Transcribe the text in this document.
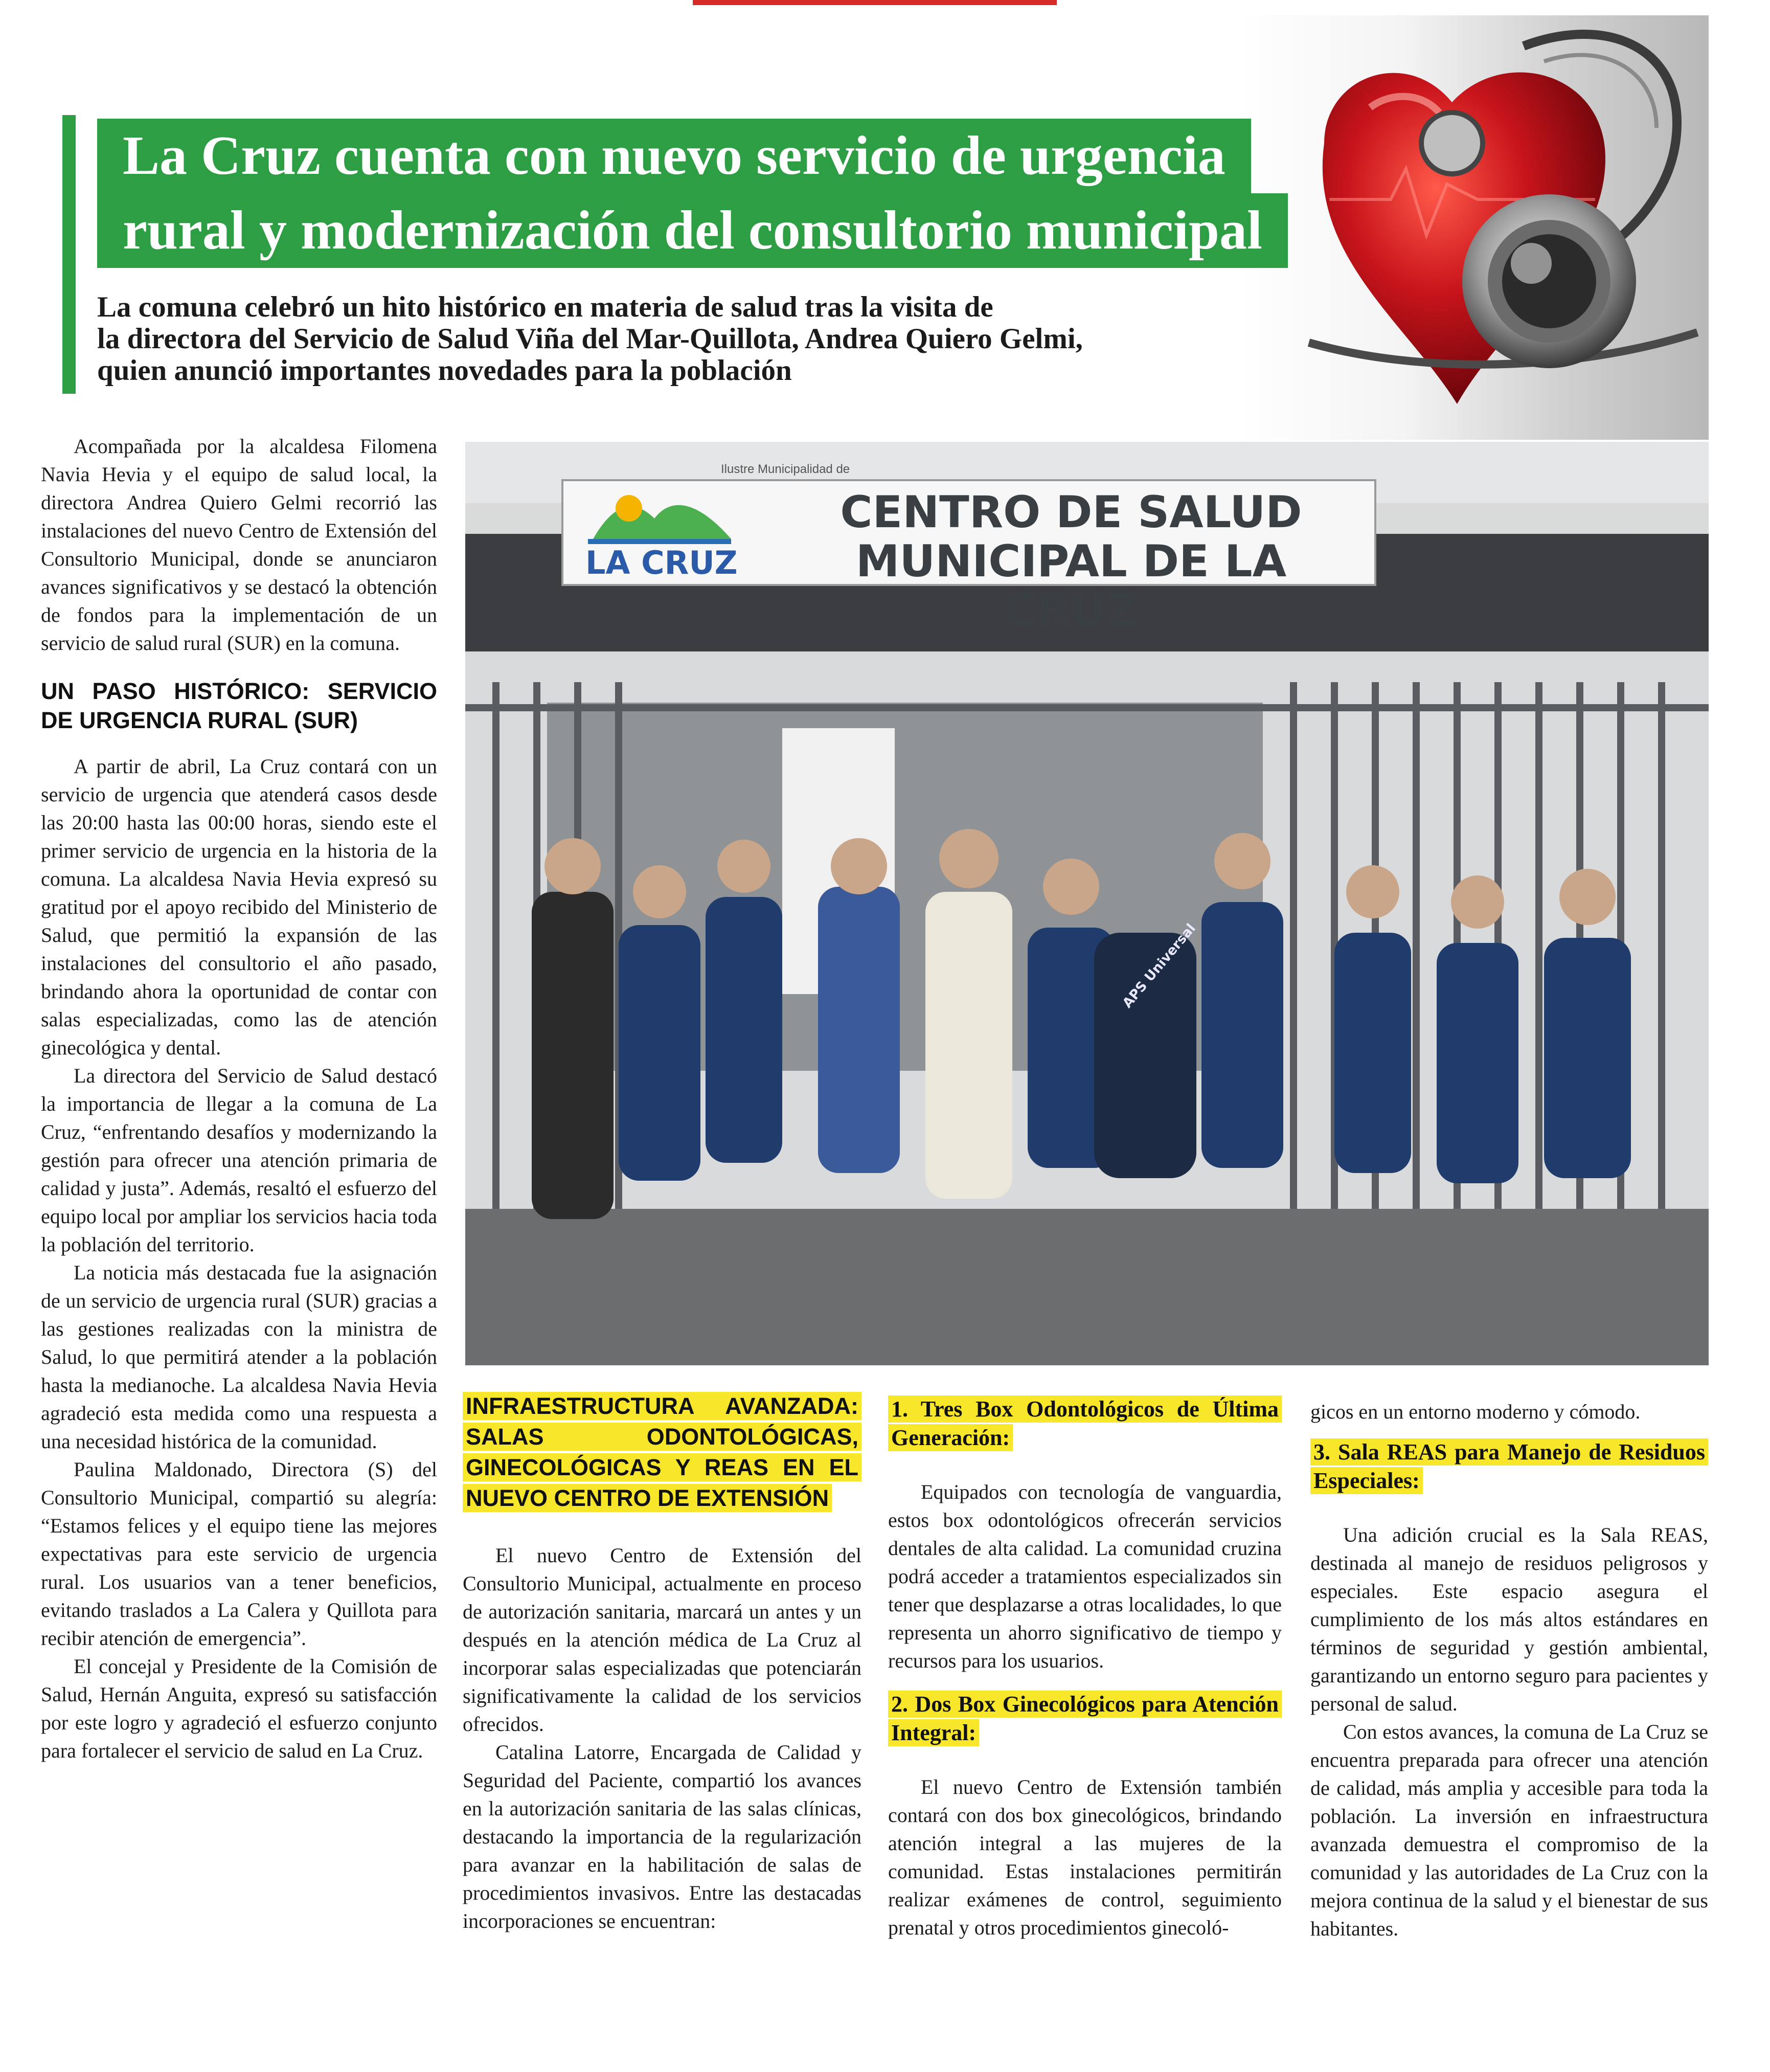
La Cruz cuenta con nuevo servicio de urgencia
rural y modernización del consultorio municipal
La comuna celebró un hito histórico en materia de salud tras la visita de
la directora del Servicio de Salud Viña del Mar-Quillota, Andrea Quiero Gelmi,
quien anunció importantes novedades para la población

Acompañada por la alcaldesa Filomena Navia Hevia y el equipo de salud local, la directora Andrea Quiero Gelmi recorrió las instalaciones del nuevo Centro de Extensión del Consultorio Municipal, donde se anunciaron avances significativos y se destacó la obtención de fondos para la implementación de un servicio de salud rural (SUR) en la comuna.

UN PASO HISTÓRICO: SERVICIO DE URGENCIA RURAL (SUR)

A partir de abril, La Cruz contará con un servicio de urgencia que atenderá casos desde las 20:00 hasta las 00:00 horas, siendo este el primer servicio de urgencia en la historia de la comuna. La alcaldesa Navia Hevia expresó su gratitud por el apoyo recibido del Ministerio de Salud, que permitió la expansión de las instalaciones del consultorio el año pasado, brindando ahora la oportunidad de contar con salas especializadas, como las de atención ginecológica y dental.

La directora del Servicio de Salud destacó la importancia de llegar a la comuna de La Cruz, “enfrentando desafíos y modernizando la gestión para ofrecer una atención primaria de calidad y justa”. Además, resaltó el esfuerzo del equipo local por ampliar los servicios hacia toda la población del territorio.

La noticia más destacada fue la asignación de un servicio de urgencia rural (SUR) gracias a las gestiones realizadas con la ministra de Salud, lo que permitirá atender a la población hasta la medianoche. La alcaldesa Navia Hevia agradeció esta medida como una respuesta a una necesidad histórica de la comunidad.

Paulina Maldonado, Directora (S) del Consultorio Municipal, compartió su alegría: “Estamos felices y el equipo tiene las mejores expectativas para este servicio de urgencia rural. Los usuarios van a tener beneficios, evitando traslados a La Calera y Quillota para recibir atención de emergencia”.

El concejal y Presidente de la Comisión de Salud, Hernán Anguita, expresó su satisfacción por este logro y agradeció el esfuerzo conjunto para fortalecer el servicio de salud en La Cruz.

Ilustre Municipalidad de
LA CRUZ
CENTRO DE SALUD
MUNICIPAL DE LA CRUZ
APS Universal
INFRAESTRUCTURA AVANZADA: SALAS ODONTOLÓGICAS, GINECOLÓGICAS Y REAS EN EL NUEVO CENTRO DE EXTENSIÓN

El nuevo Centro de Extensión del Consultorio Municipal, actualmente en proceso de autorización sanitaria, marcará un antes y un después en la atención médica de La Cruz al incorporar salas especializadas que potenciarán significativamente la calidad de los servicios ofrecidos.

Catalina Latorre, Encargada de Calidad y Seguridad del Paciente, compartió los avances en la autorización sanitaria de las salas clínicas, destacando la importancia de la regularización para avanzar en la habilitación de salas de procedimientos invasivos. Entre las destacadas incorporaciones se encuentran:

1. Tres Box Odontológicos de Última Generación:

Equipados con tecnología de vanguardia, estos box odontológicos ofrecerán servicios dentales de alta calidad. La comunidad cruzina podrá acceder a tratamientos especializados sin tener que desplazarse a otras localidades, lo que representa un ahorro significativo de tiempo y recursos para los usuarios.

2. Dos Box Ginecológicos para Atención Integral:

El nuevo Centro de Extensión también contará con dos box ginecológicos, brindando atención integral a las mujeres de la comunidad. Estas instalaciones permitirán realizar exámenes de control, seguimiento prenatal y otros procedimientos ginecoló-

gicos en un entorno moderno y cómodo.

3. Sala REAS para Manejo de Residuos Especiales:

Una adición crucial es la Sala REAS, destinada al manejo de residuos peligrosos y especiales. Este espacio asegura el cumplimiento de los más altos estándares en términos de seguridad y gestión ambiental, garantizando un entorno seguro para pacientes y personal de salud.

Con estos avances, la comuna de La Cruz se encuentra preparada para ofrecer una atención de calidad, más amplia y accesible para toda la población. La inversión en infraestructura avanzada demuestra el compromiso de la comunidad y las autoridades de La Cruz con la mejora continua de la salud y el bienestar de sus habitantes.
